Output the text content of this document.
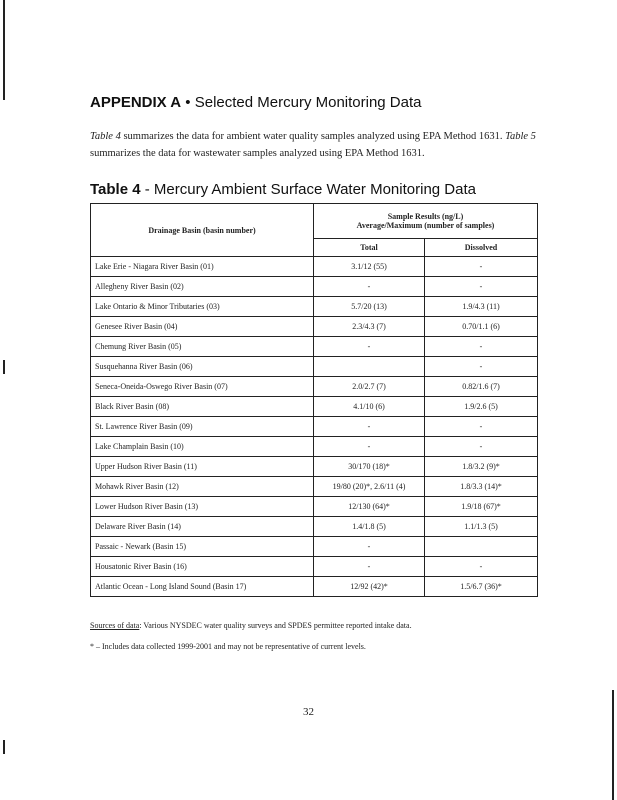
APPENDIX A • Selected Mercury Monitoring Data

Table 4 summarizes the data for ambient water quality samples analyzed using EPA Method 1631. Table 5 summarizes the data for wastewater samples analyzed using EPA Method 1631.

Table 4 - Mercury Ambient Surface Water Monitoring Data
Drainage Basin (basin number)	Sample Results (ng/L)
Average/Maximum (number of samples)	

	Total	Dissolved
Lake Erie - Niagara River Basin (01)	3.1/12 (55)	-
Allegheny River Basin (02)	-	-
Lake Ontario & Minor Tributaries (03)	5.7/20 (13)	1.9/4.3 (11)
Genesee River Basin (04)	2.3/4.3 (7)	0.70/1.1 (6)
Chemung River Basin (05)	-	-
Susquehanna River Basin (06)		-
Seneca-Oneida-Oswego River Basin (07)	2.0/2.7 (7)	0.82/1.6 (7)
Black River Basin (08)	4.1/10 (6)	1.9/2.6 (5)
St. Lawrence River Basin (09)	-	-
Lake Champlain Basin (10)	-	-
Upper Hudson River Basin (11)	30/170 (18)*	1.8/3.2 (9)*
Mohawk River Basin (12)	19/80 (20)*, 2.6/11 (4)	1.8/3.3 (14)*
Lower Hudson River Basin (13)	12/130 (64)*	1.9/18 (67)*
Delaware River Basin (14)	1.4/1.8 (5)	1.1/1.3 (5)
Passaic - Newark (Basin 15)	-	
Housatonic River Basin (16)	-	-
Atlantic Ocean - Long Island Sound (Basin 17)	12/92 (42)*	1.5/6.7 (36)*

Sources of data: Various NYSDEC water quality surveys and SPDES permittee reported intake data.

* – Includes data collected 1999-2001 and may not be representative of current levels.

32
